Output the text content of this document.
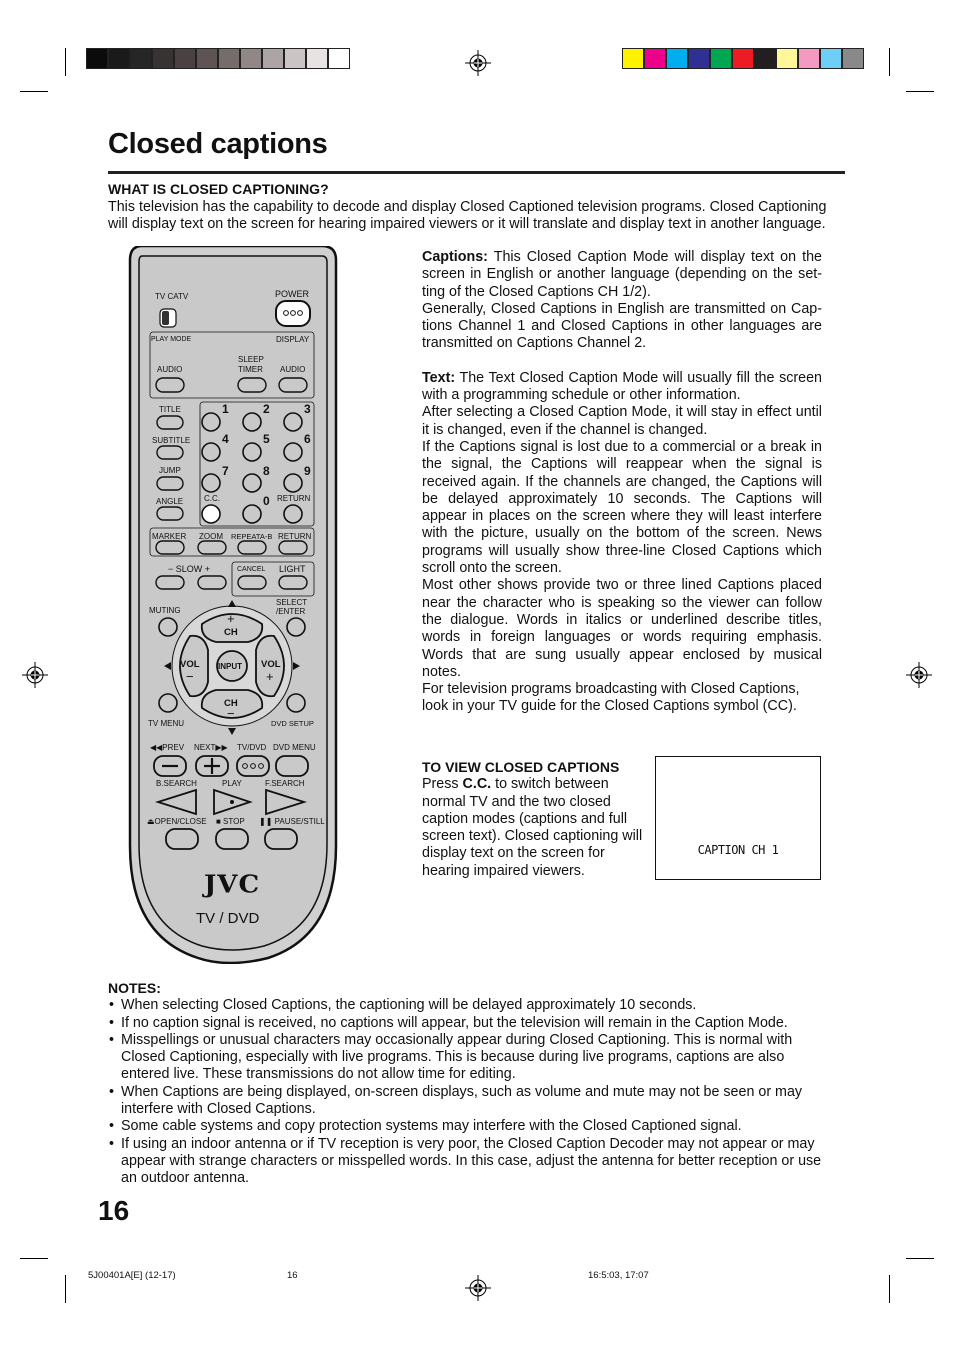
Closed captions
WHAT IS CLOSED CAPTIONING?
This television has the capability to decode and display Closed Captioned television programs. Closed Captioning will display text on the screen for hearing impaired viewers or it will translate and display text in another language.

Captions: This Closed Caption Mode will display text on the screen in English or another language (depending on the set-ting of the Closed Captions CH 1/2).

Generally, Closed Captions in English are transmitted on Cap-tions Channel 1 and Closed Captions in other languages are transmitted on Captions Channel 2.

Text: The Text Closed Caption Mode will usually fill the screen with a programming schedule or other information.

After selecting a Closed Caption Mode, it will stay in effect until it is changed, even if the channel is changed.

If the Captions signal is lost due to a commercial or a break in the signal, the Captions will reappear when the signal is received again. If the channels are changed, the Captions will be delayed approximately 10 seconds. The Captions will appear in places on the screen where they will least interfere with the picture, usually on the bottom of the screen. News programs will usually show three-line Closed Captions which scroll onto the screen.

Most other shows provide two or three lined Captions placed near the character who is speaking so the viewer can follow the dialogue. Words in italics or underlined describe titles, words in foreign languages or words requiring emphasis. Words that are sung usually appear enclosed by musical notes.

For television programs broadcasting with Closed Captions, look in your TV guide for the Closed Captions symbol (CC).

TO VIEW CLOSED CAPTIONS
Press C.C. to switch between normal TV and the two closed caption modes (captions and full screen text). Closed captioning will display text on the screen for hearing impaired viewers.
CAPTION CH 1
NOTES:
• When selecting Closed Captions, the captioning will be delayed approximately 10 seconds.
• If no caption signal is received, no captions will appear, but the television will remain in the Caption Mode.
• Misspellings or unusual characters may occasionally appear during Closed Captioning. This is normal with Closed Captioning, especially with live programs. This is because during live programs, captions are also entered live. These transmissions do not allow time for editing.
• When Captions are being displayed, on-screen displays, such as volume and mute may not be seen or may interfere with Closed Captions.
• Some cable systems and copy protection systems may interfere with the Closed Captioned signal.
• If using an indoor antenna or if TV reception is very poor, the Closed Caption Decoder may not appear or may appear with strange characters or misspelled words. In this case, adjust the antenna for better reception or use an outdoor antenna.
16
5J00401A[E] (12-17)	16	16:5:03, 17:07
TV CATV	POWER
PLAY MODE	DISPLAY
SLEEP
TIMER
AUDIO	AUDIO
TITLE
SUBTITLE
JUMP
ANGLE	C.C.	RETURN
1	2	3
4	5	6
7	8	9
0
MARKER ZOOM REPEATA-B RETURN
− SLOW +	CANCEL LIGHT
MUTING
SELECT
/ENTER
+
CH
CH
−
VOL
−
VOL
+
INPUT
TV MENU	DVD SETUP
◀◀PREV NEXT▶▶ TV/DVD DVD MENU
B.SEARCH	PLAY	F.SEARCH
⏏OPEN/CLOSE ■ STOP ❚❚ PAUSE/STILL
JVC
TV / DVD
